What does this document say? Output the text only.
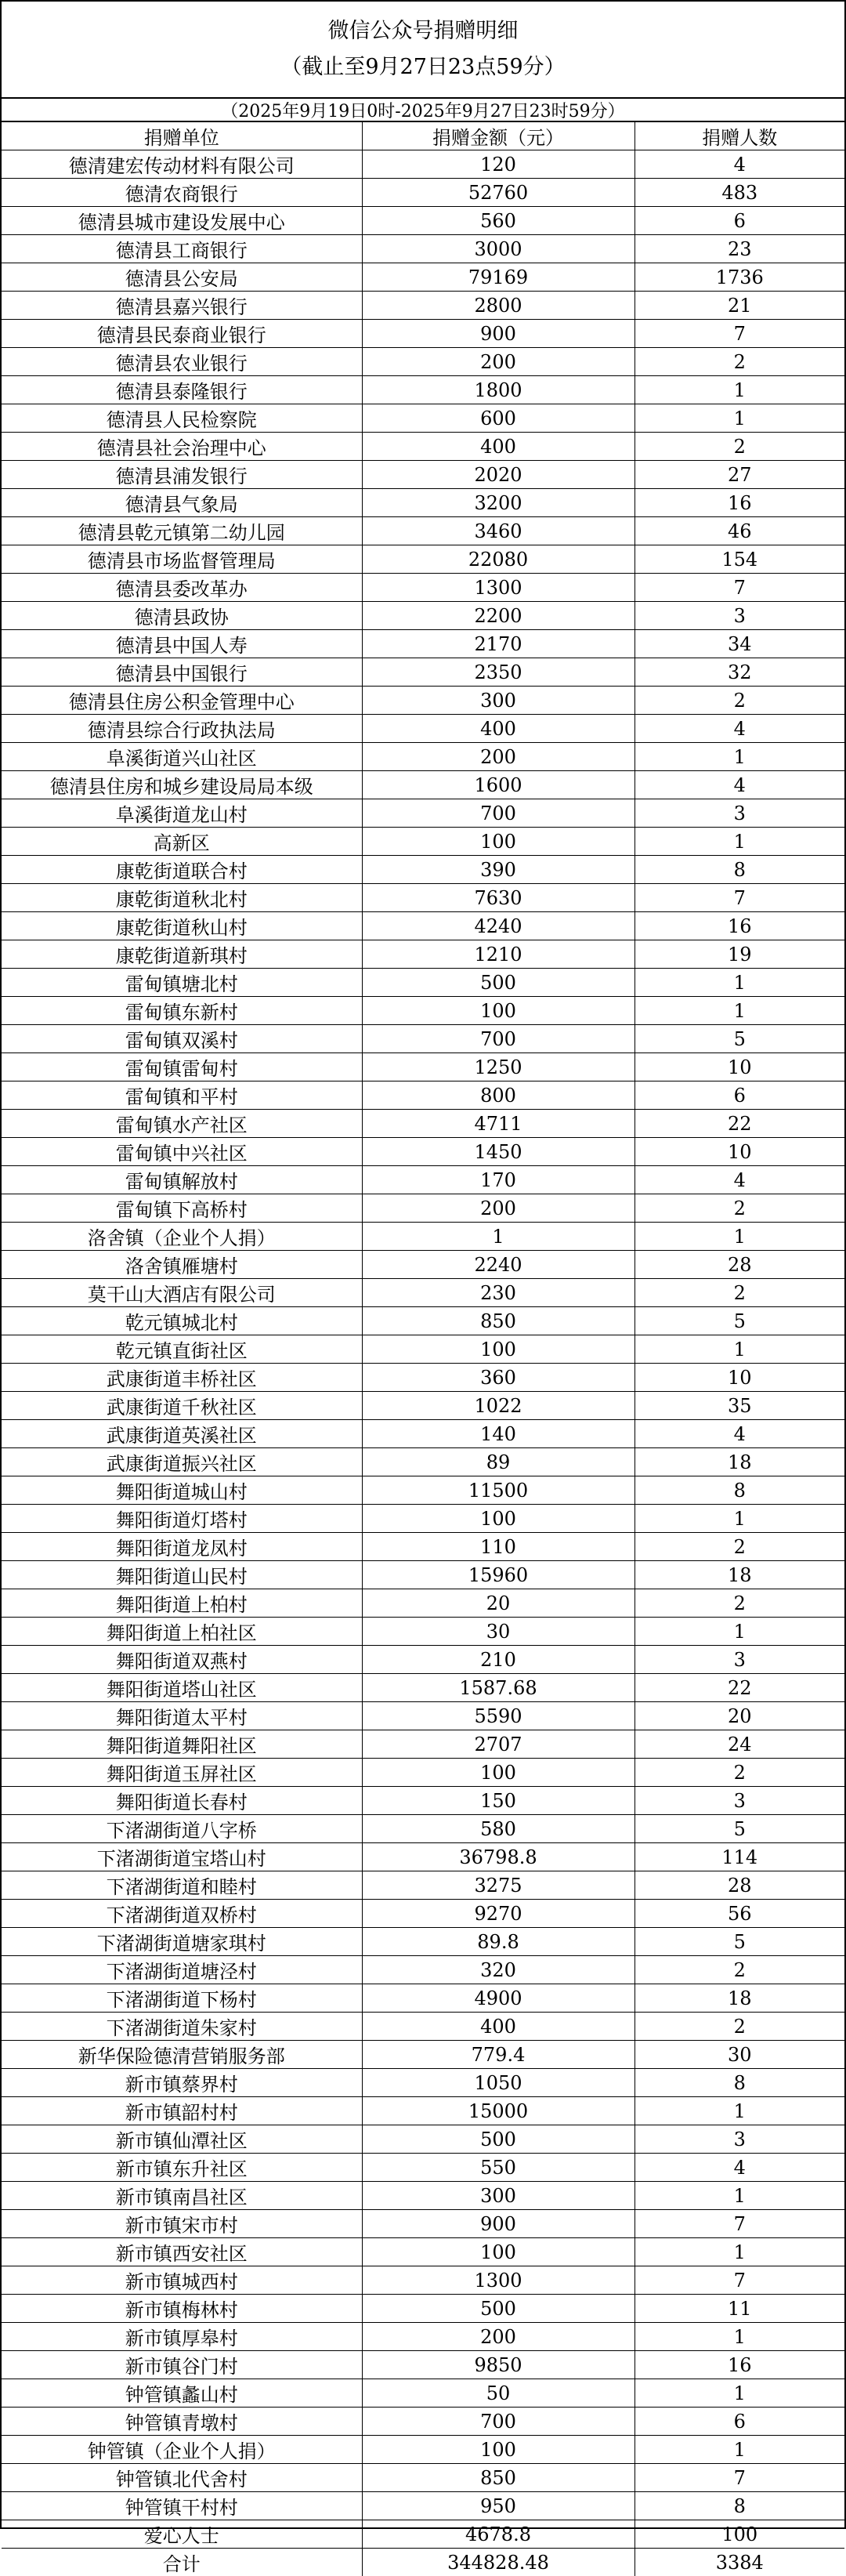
微信公众号捐赠明细
（截止至9月27日23点59分）
（2025年9月19日0时-2025年9月27日23时59分）
捐赠单位	捐赠金额（元）	捐赠人数
德清建宏传动材料有限公司	120	4
德清农商银行	52760	483
德清县城市建设发展中心	560	6
德清县工商银行	3000	23
德清县公安局	79169	1736
德清县嘉兴银行	2800	21
德清县民泰商业银行	900	7
德清县农业银行	200	2
德清县泰隆银行	1800	1
德清县人民检察院	600	1
德清县社会治理中心	400	2
德清县浦发银行	2020	27
德清县气象局	3200	16
德清县乾元镇第二幼儿园	3460	46
德清县市场监督管理局	22080	154
德清县委改革办	1300	7
德清县政协	2200	3
德清县中国人寿	2170	34
德清县中国银行	2350	32
德清县住房公积金管理中心	300	2
德清县综合行政执法局	400	4
阜溪街道兴山社区	200	1
德清县住房和城乡建设局局本级	1600	4
阜溪街道龙山村	700	3
高新区	100	1
康乾街道联合村	390	8
康乾街道秋北村	7630	7
康乾街道秋山村	4240	16
康乾街道新琪村	1210	19
雷甸镇塘北村	500	1
雷甸镇东新村	100	1
雷甸镇双溪村	700	5
雷甸镇雷甸村	1250	10
雷甸镇和平村	800	6
雷甸镇水产社区	4711	22
雷甸镇中兴社区	1450	10
雷甸镇解放村	170	4
雷甸镇下高桥村	200	2
洛舍镇（企业个人捐）	1	1
洛舍镇雁塘村	2240	28
莫干山大酒店有限公司	230	2
乾元镇城北村	850	5
乾元镇直街社区	100	1
武康街道丰桥社区	360	10
武康街道千秋社区	1022	35
武康街道英溪社区	140	4
武康街道振兴社区	89	18
舞阳街道城山村	11500	8
舞阳街道灯塔村	100	1
舞阳街道龙凤村	110	2
舞阳街道山民村	15960	18
舞阳街道上柏村	20	2
舞阳街道上柏社区	30	1
舞阳街道双燕村	210	3
舞阳街道塔山社区	1587.68	22
舞阳街道太平村	5590	20
舞阳街道舞阳社区	2707	24
舞阳街道玉屏社区	100	2
舞阳街道长春村	150	3
下渚湖街道八字桥	580	5
下渚湖街道宝塔山村	36798.8	114
下渚湖街道和睦村	3275	28
下渚湖街道双桥村	9270	56
下渚湖街道塘家琪村	89.8	5
下渚湖街道塘泾村	320	2
下渚湖街道下杨村	4900	18
下渚湖街道朱家村	400	2
新华保险德清营销服务部	779.4	30
新市镇蔡界村	1050	8
新市镇韶村村	15000	1
新市镇仙潭社区	500	3
新市镇东升社区	550	4
新市镇南昌社区	300	1
新市镇宋市村	900	7
新市镇西安社区	100	1
新市镇城西村	1300	7
新市镇梅林村	500	11
新市镇厚皋村	200	1
新市镇谷门村	9850	16
钟管镇蠡山村	50	1
钟管镇青墩村	700	6
钟管镇（企业个人捐）	100	1
钟管镇北代舍村	850	7
钟管镇干村村	950	8
爱心人士	4678.8	100
合计	344828.48	3384
